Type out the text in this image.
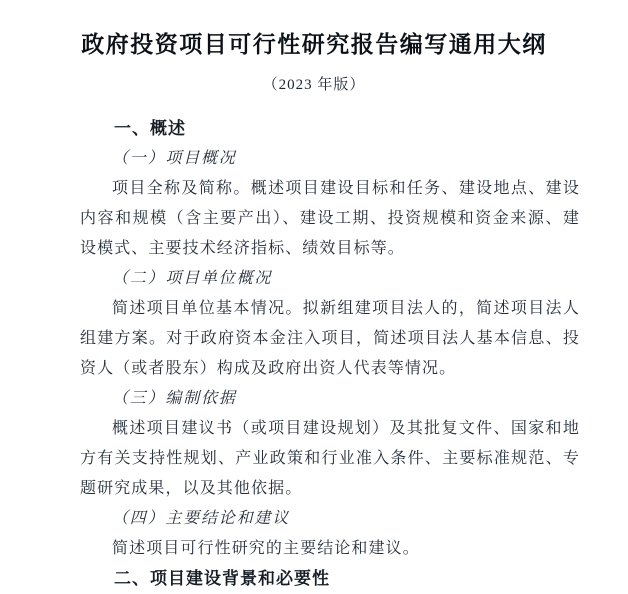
政府投资项目可行性研究报告编写通用大纲
（2023 年版）
一、概述
（一）项目概况
项目全称及简称。概述项目建设目标和任务、建设地点、建设内容和规模（含主要产出）、建设工期、投资规模和资金来源、建设模式、主要技术经济指标、绩效目标等。
（二）项目单位概况
简述项目单位基本情况。拟新组建项目法人的，简述项目法人组建方案。对于政府资本金注入项目，简述项目法人基本信息、投资人（或者股东）构成及政府出资人代表等情况。
（三）编制依据
概述项目建议书（或项目建设规划）及其批复文件、国家和地方有关支持性规划、产业政策和行业准入条件、主要标准规范、专题研究成果，以及其他依据。
（四）主要结论和建议
简述项目可行性研究的主要结论和建议。
二、项目建设背景和必要性
